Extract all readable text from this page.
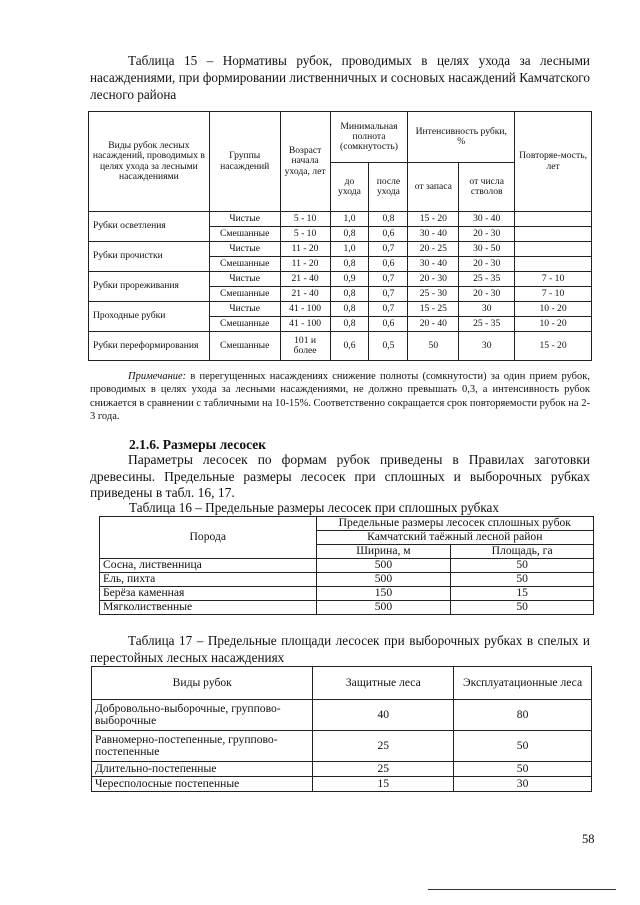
Таблица 15 – Нормативы рубок, проводимых в целях ухода за лесными насаждениями, при формировании лиственничных и сосновых насаждений Камчатского лесного района
Виды рубок лесных насаждений, проводимых в целях ухода за лесными насаждениями	Группы насаждений	Возраст начала ухода, лет	Минимальная полнота (сомкнутость)		Интенсивность рубки, %		Повторяе-мость, лет
			до ухода	после ухода	от запаса	от числа стволов	
Рубки осветления	Чистые	5 - 10	1,0	0,8	15 - 20	30 - 40	
	Смешанные	5 - 10	0,8	0,6	30 - 40	20 - 30	
Рубки прочистки	Чистые	11 - 20	1,0	0,7	20 - 25	30 - 50	
	Смешанные	11 - 20	0,8	0,6	30 - 40	20 - 30	
Рубки прореживания	Чистые	21 - 40	0,9	0,7	20 - 30	25 - 35	7 - 10
	Смешанные	21 - 40	0,8	0,7	25 - 30	20 - 30	7 - 10
Проходные рубки	Чистые	41 - 100	0,8	0,7	15 - 25	30	10 - 20
	Смешанные	41 - 100	0,8	0,6	20 - 40	25 - 35	10 - 20
Рубки переформирования	Смешанные	101 и более	0,6	0,5	50	30	15 - 20
Примечание: в перегущенных насаждениях снижение полноты (сомкнутости) за один прием рубок, проводимых в целях ухода за лесными насаждениями, не должно превышать 0,3, а интенсивность рубок снижается в сравнении с табличными на 10-15%. Соответственно сокращается срок повторяемости рубок на 2-3 года.
2.1.6. Размеры лесосек
Параметры лесосек по формам рубок приведены в Правилах заготовки древесины. Предельные размеры лесосек при сплошных и выборочных рубках приведены в табл. 16, 17.
Таблица 16 – Предельные размеры лесосек при сплошных рубках
Порода	Предельные размеры лесосек сплошных рубок	
	Камчатский таёжный лесной район	
	Ширина, м	Площадь, га
Сосна, лиственница	500	50
Ель, пихта	500	50
Берёза каменная	150	15
Мягколиственные	500	50
Таблица 17 – Предельные площади лесосек при выборочных рубках в спелых и перестойных лесных насаждениях
Виды рубок	Защитные леса	Эксплуатационные леса
Добровольно-выборочные, группово-выборочные	40	80
Равномерно-постепенные, группово-постепенные	25	50
Длительно-постепенные	25	50
Чересполосные постепенные	15	30
58
